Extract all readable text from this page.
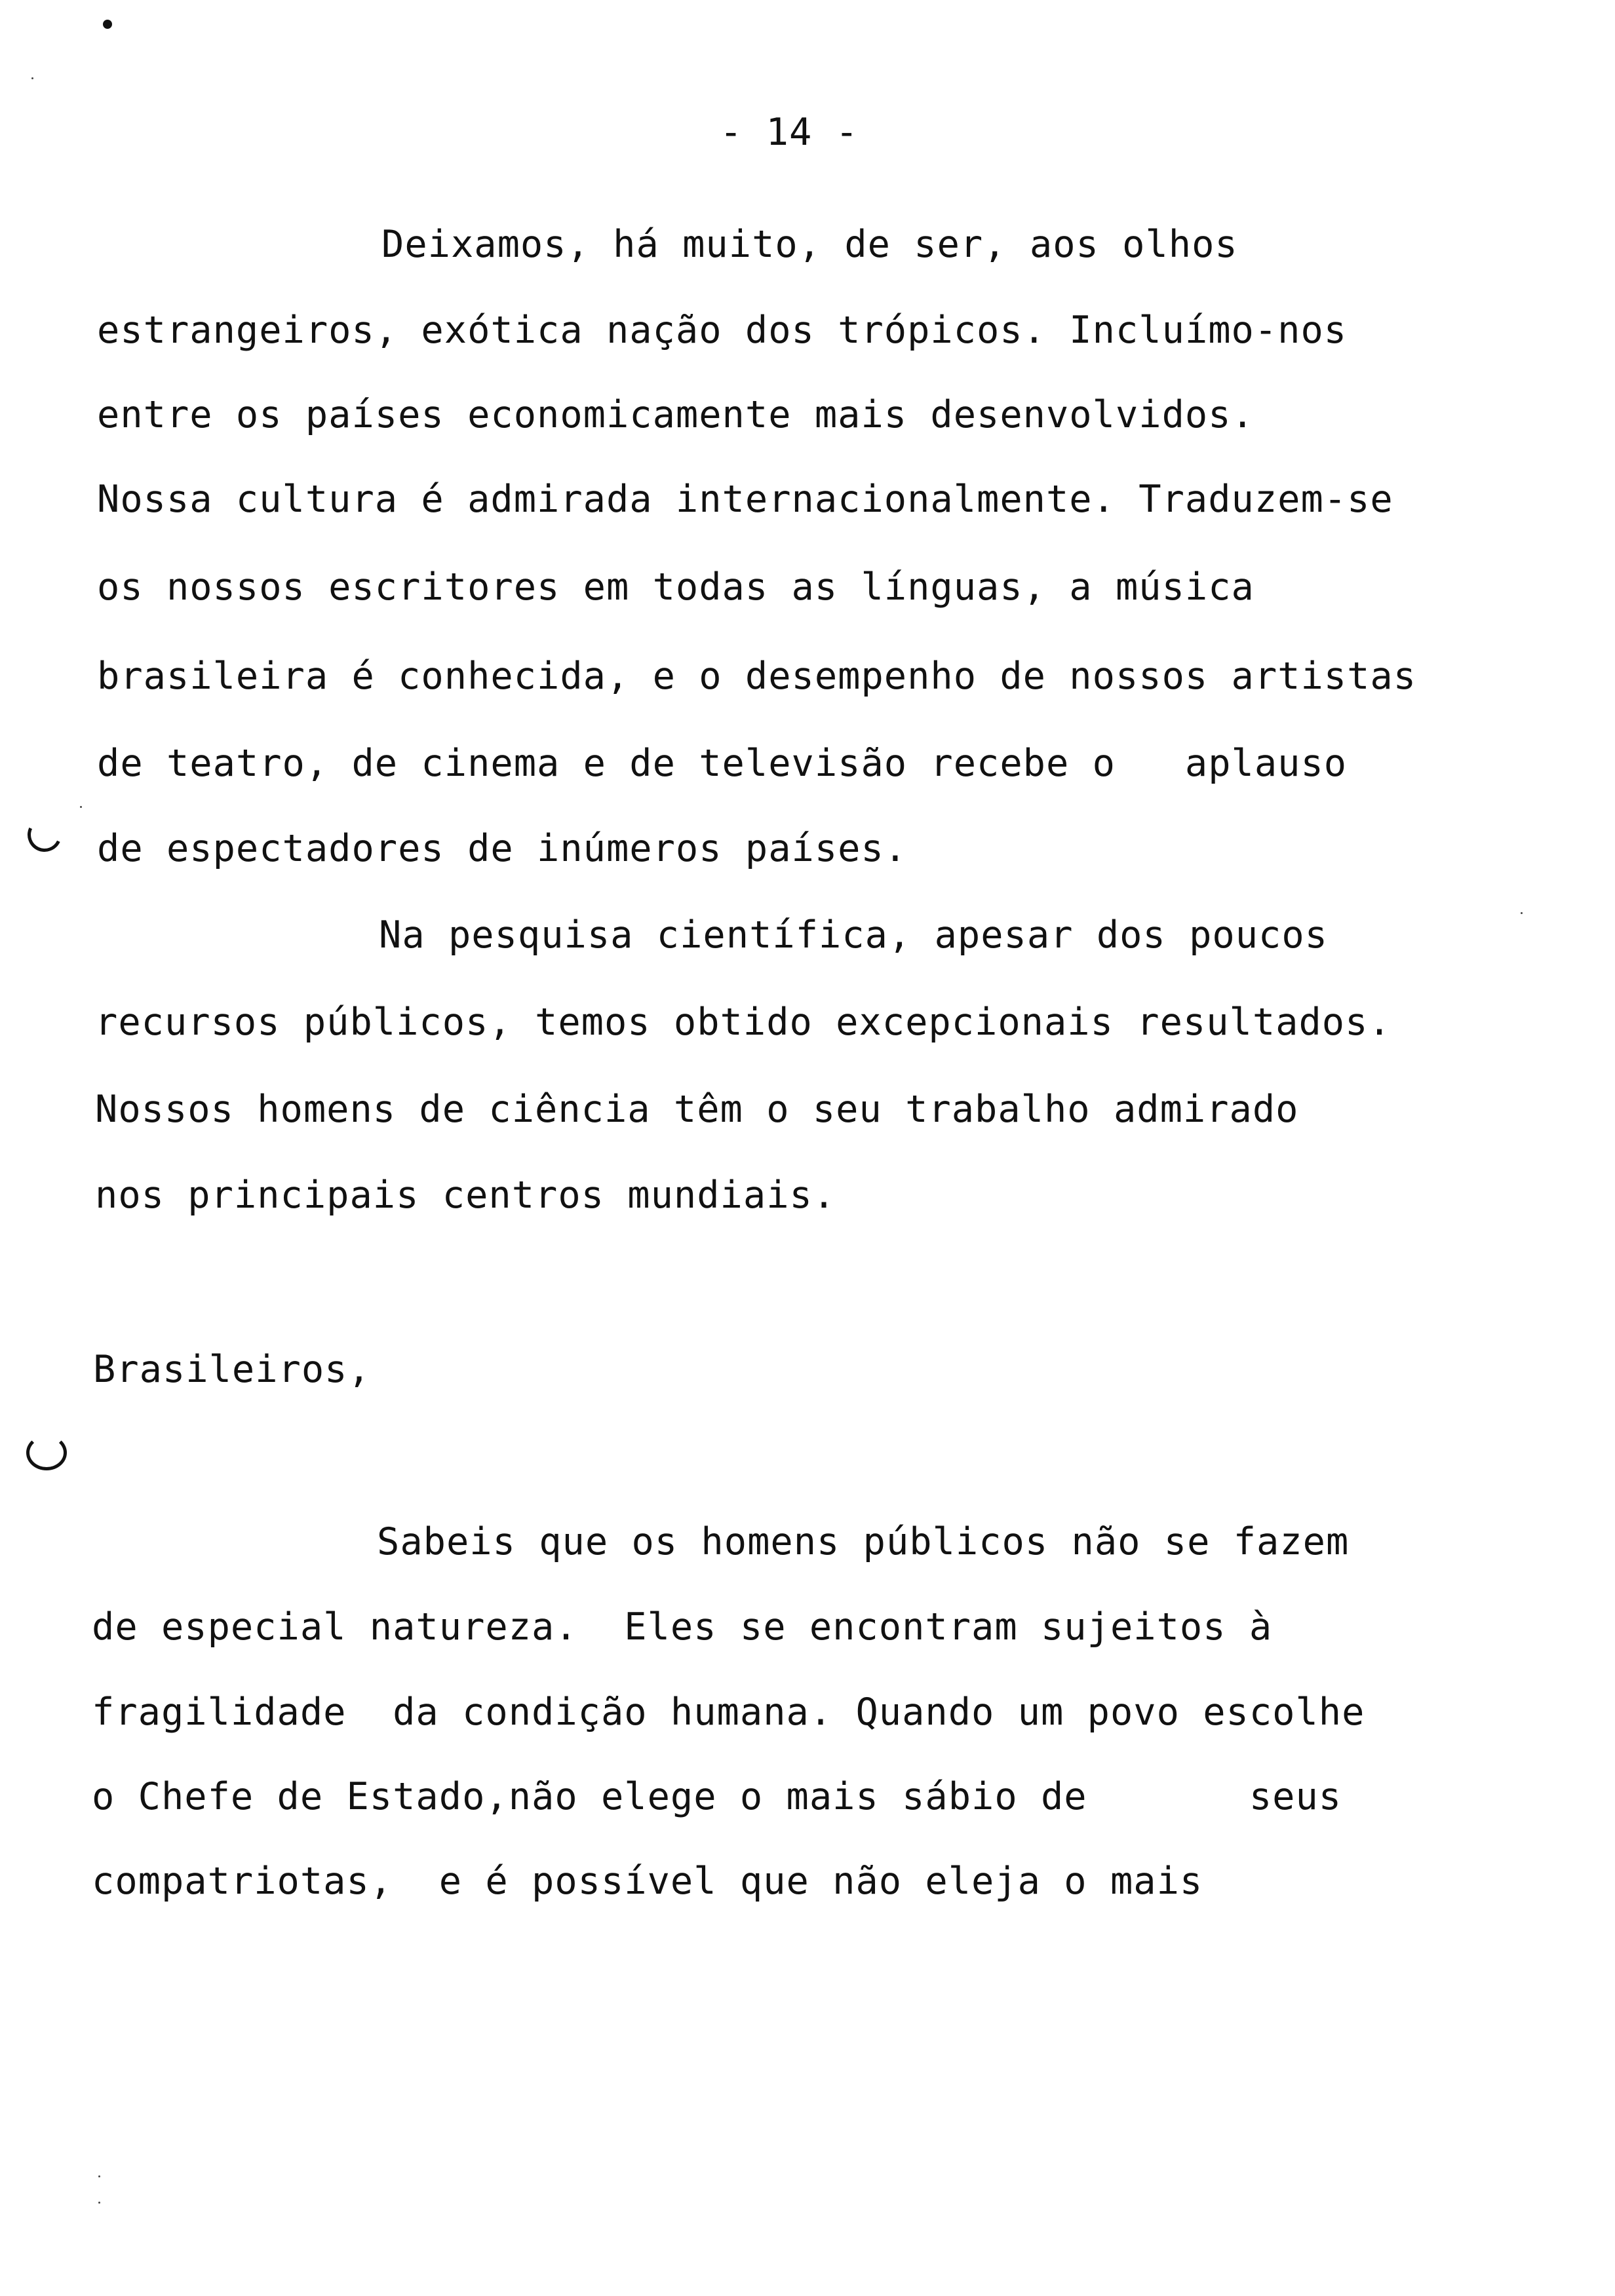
- 14 -
Deixamos, há muito, de ser, aos olhos
estrangeiros, exótica nação dos trópicos. Incluímo-nos
entre os países economicamente mais desenvolvidos.
Nossa cultura é admirada internacionalmente. Traduzem-se
os nossos escritores em todas as línguas, a música
brasileira é conhecida, e o desempenho de nossos artistas
de teatro, de cinema e de televisão recebe o   aplauso
de espectadores de inúmeros países.
Na pesquisa científica, apesar dos poucos
recursos públicos, temos obtido excepcionais resultados.
Nossos homens de ciência têm o seu trabalho admirado
nos principais centros mundiais.
Brasileiros,
Sabeis que os homens públicos não se fazem
de especial natureza.  Eles se encontram sujeitos à
fragilidade  da condição humana. Quando um povo escolhe
o Chefe de Estado,não elege o mais sábio de       seus
compatriotas,  e é possível que não eleja o mais
